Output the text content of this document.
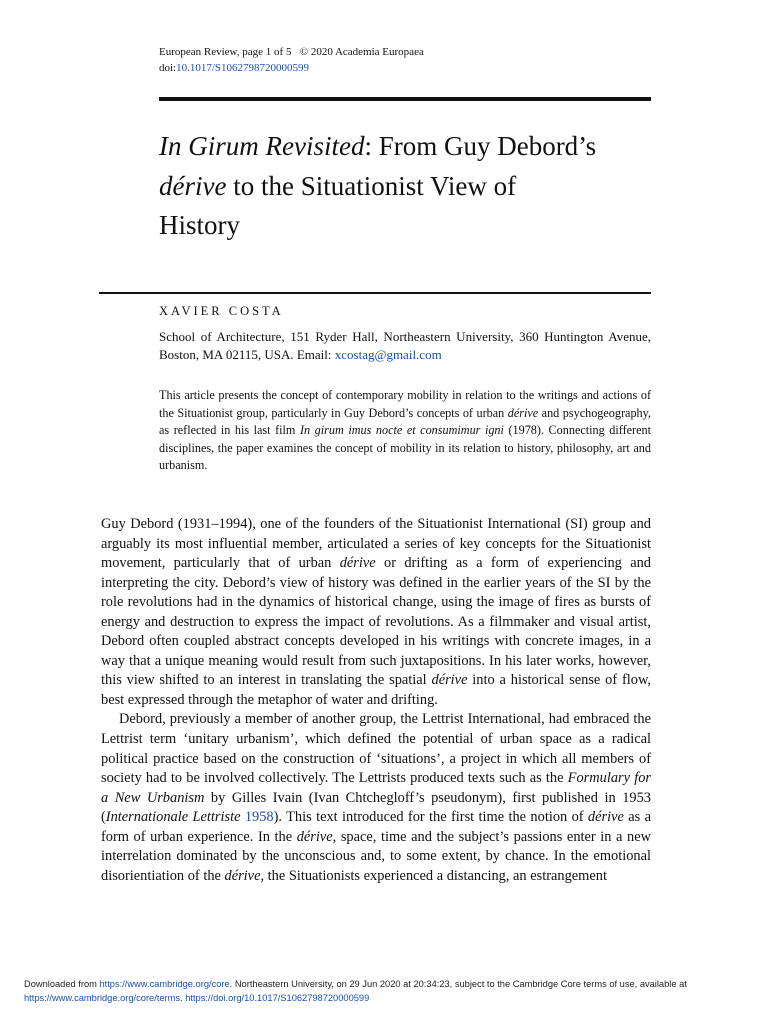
European Review, page 1 of 5 © 2020 Academia Europaea
doi:10.1017/S1062798720000599
In Girum Revisited: From Guy Debord’s
dérive to the Situationist View of
History
XAVIER COSTA
School of Architecture, 151 Ryder Hall, Northeastern University, 360 Huntington Avenue, Boston, MA 02115, USA. Email: xcostag@gmail.com
This article presents the concept of contemporary mobility in relation to the writings and actions of the Situationist group, particularly in Guy Debord’s concepts of urban dérive and psychogeography, as reflected in his last film In girum imus nocte et consumimur igni (1978). Connecting different disciplines, the paper examines the concept of mobility in its relation to history, philosophy, art and urbanism.

Guy Debord (1931–1994), one of the founders of the Situationist International (SI) group and arguably its most influential member, articulated a series of key concepts for the Situationist movement, particularly that of urban dérive or drifting as a form of experiencing and interpreting the city. Debord’s view of history was defined in the earlier years of the SI by the role revolutions had in the dynamics of historical change, using the image of fires as bursts of energy and destruction to express the impact of revolutions. As a filmmaker and visual artist, Debord often coupled abstract concepts developed in his writings with concrete images, in a way that a unique meaning would result from such juxtapositions. In his later works, however, this view shifted to an interest in translating the spatial dérive into a historical sense of flow, best expressed through the metaphor of water and drifting.

Debord, previously a member of another group, the Lettrist International, had embraced the Lettrist term ‘unitary urbanism’, which defined the potential of urban space as a radical political practice based on the construction of ‘situations’, a project in which all members of society had to be involved collectively. The Lettrists produced texts such as the Formulary for a New Urbanism by Gilles Ivain (Ivan Chtchegloff’s pseudonym), first published in 1953 (Internationale Lettriste 1958). This text introduced for the first time the notion of dérive as a form of urban experience. In the dérive, space, time and the subject’s passions enter in a new interrelation dominated by the unconscious and, to some extent, by chance. In the emotional disorientiation of the dérive, the Situationists experienced a distancing, an estrangement

Downloaded from https://www.cambridge.org/core. Northeastern University, on 29 Jun 2020 at 20:34:23, subject to the Cambridge Core terms of use, available at
https://www.cambridge.org/core/terms. https://doi.org/10.1017/S1062798720000599
